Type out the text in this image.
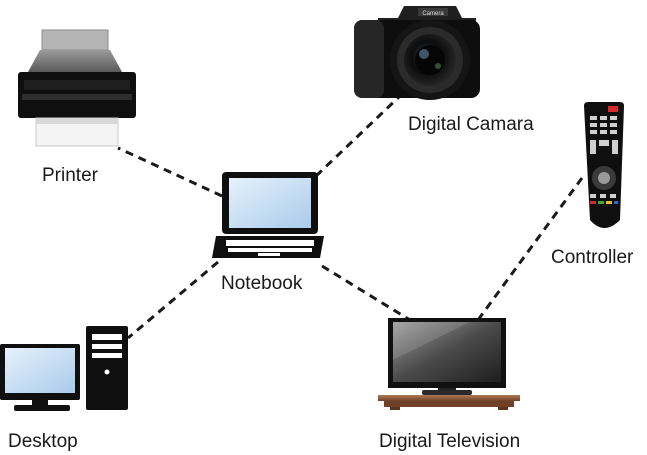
Camera
Printer
Digital Camara
Notebook
Controller
Desktop	Digital Television
